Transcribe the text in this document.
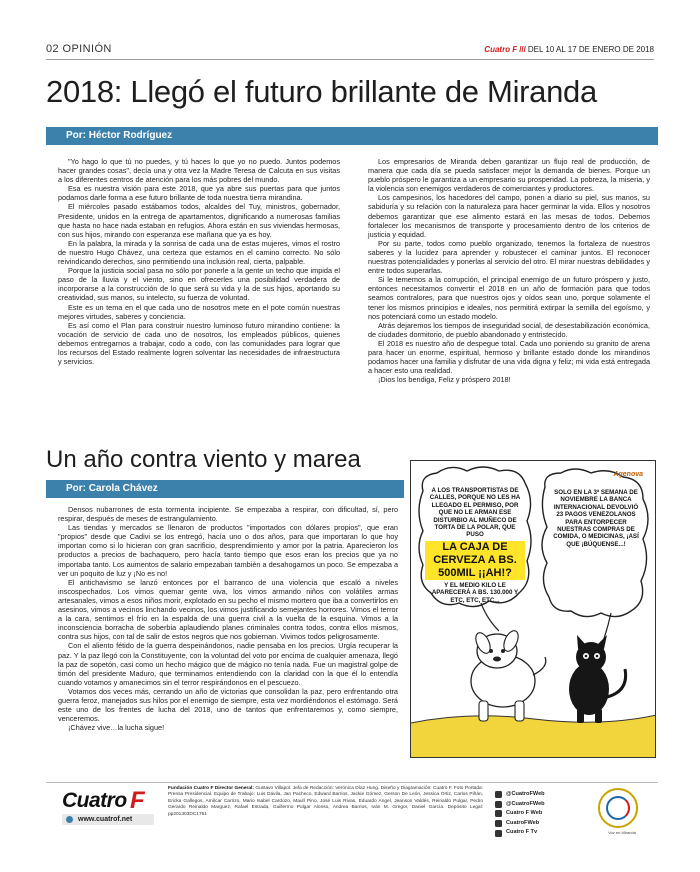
02 OPINIÓN	Cuatro F /// DEL 10 AL 17 DE ENERO DE 2018
2018: Llegó el futuro brillante de Miranda
Por: Héctor Rodríguez

"Yo hago lo que tú no puedes, y tú haces lo que yo no puedo. Juntos podemos hacer grandes cosas", decía una y otra vez la Madre Teresa de Calcuta en sus visitas a los diferentes centros de atención para los más pobres del mundo.

Esa es nuestra visión para este 2018, que ya abre sus puertas para que juntos podamos darle forma a ese futuro brillante de toda nuestra tierra mirandina.

El miércoles pasado estábamos todos, alcaldes del Tuy, ministros, gobernador, Presidente, unidos en la entrega de apartamentos, dignificando a numerosas familias que hasta no hace nada estaban en refugios. Ahora están en sus viviendas hermosas, con sus hijos, mirando con esperanza ese mañana que ya es hoy.

En la palabra, la mirada y la sonrisa de cada una de estas mujeres, vimos el rostro de nuestro Hugo Chávez, una certeza que estamos en el camino correcto. No sólo reivindicando derechos, sino permitiendo una inclusión real, cierta, palpable.

Porque la justicia social pasa no sólo por ponerle a la gente un techo que impida el paso de la lluvia y el viento, sino en ofrecerles una posibilidad verdadera de incorporarse a la construcción de lo que será su vida y la de sus hijos, aportando su creatividad, sus manos, su intelecto, su fuerza de voluntad.

Este es un tema en el que cada uno de nosotros mete en el pote común nuestras mejores virtudes, saberes y conciencia.

Es así como el Plan para construir nuestro luminoso futuro mirandino contiene: la vocación de servicio de cada uno de nosotros, los empleados públicos, quienes debemos entregarnos a trabajar, codo a codo, con las comunidades para lograr que los recursos del Estado realmente logren solventar las necesidades de infraestructura y servicios.

Los empresarios de Miranda deben garantizar un flujo real de producción, de manera que cada día se pueda satisfacer mejor la demanda de bienes. Porque un pueblo próspero le garantiza a un empresario su prosperidad. La pobreza, la miseria, y la violencia son enemigos verdaderos de comerciantes y productores.

Los campesinos, los hacedores del campo, ponen a diario su piel, sus manos, su sabiduría y su relación con la naturaleza para hacer germinar la vida. Ellos y nosotros debemos garantizar que ese alimento estará en las mesas de todos. Debemos fortalecer los mecanismos de transporte y procesamiento dentro de los criterios de justicia y equidad.

Por su parte, todos como pueblo organizado, tenemos la fortaleza de nuestros saberes y la lucidez para aprender y robustecer el caminar juntos. El reconocer nuestras potencialidades y ponerlas al servicio del otro. El mirar nuestras debilidades y entre todos superarlas.

Si le tememos a la corrupción, el principal enemigo de un futuro próspero y justo, entonces necesitamos convertir el 2018 en un año de formación para que todos seamos contralores, para que nuestros ojos y oídos sean uno, porque solamente el tener los mismos principios e ideales, nos permitirá extirpar la semilla del egoísmo, y nos potenciará como un estado modelo.

Atrás dejaremos los tiempos de inseguridad social, de desestabilización económica, de ciudades dormitorio, de pueblo abandonado y entristecido.

El 2018 es nuestro año de despegue total. Cada uno poniendo su granito de arena para hacer un enorme, espiritual, hermoso y brillante estado donde los mirandinos podamos hacer una familia y disfrutar de una vida digna y feliz; mi vida está entregada a hacer esto una realidad.

¡Dios los bendiga, Feliz y próspero 2018!

Un año contra viento y marea
Por: Carola Chávez

Densos nubarrones de esta tormenta incipiente. Se empezaba a respirar, con dificultad, sí, pero respirar, después de meses de estrangulamiento.

Las tiendas y mercados se llenaron de productos "importados con dólares propios", que eran "propios" desde que Cadivi se los entregó, hacía uno o dos años, para que importaran lo que hoy importan como si lo hicieran con gran sacrificio, desprendimiento y amor por la patria. Aparecieron los productos a precios de bachaquero, pero hacía tanto tiempo que esos eran los precios que ya no importaba tanto. Los aumentos de salario empezaban también a desahogarnos un poco. Se empezaba a ver un poquito de luz y ¡No es no!

El antichavismo se lanzó entonces por el barranco de una violencia que escaló a niveles inscospechados. Los vimos quemar gente viva, los vimos armando niños con volátiles armas artesanales, vimos a esos niños morir, explotado en su pecho el mismo mortero que iba a convertirlos en asesinos, vimos a vecinos linchando vecinos, los vimos justificando semejantes horrores. Vimos el terror a la cara, sentimos el frío en la espalda de una guerra civil a la vuelta de la esquina. Vimos a la inconsciencia borracha de soberbia aplaudiendo planes criminales contra todos, contra ellos mismos, contra sus hijos, con tal de salir de estos negros que nos gobiernan. Vivimos todos peligrosamente.

Con el aliento fétido de la guerra despeinándonos, nadie pensaba en los precios. Urgía recuperar la paz. Y la paz llegó con la Constituyente, con la voluntad del voto por encima de cualquier amenaza, llegó la paz de sopetón, casi como un hecho mágico que de mágico no tenía nada. Fue un magistral golpe de timón del presidente Maduro, que terminamos entendiendo con la claridad con la que él lo entendía cuando votamos y amanecimos sin el terror respirándonos en el pescuezo.

Votamos dos veces más, cerrando un año de victorias que consolidan la paz, pero enfrentando otra guerra feroz, manejados sus hilos por el enemigo de siempre, esta vez mordiéndonos el estómago. Será este uno de los frentes de lucha del 2018, uno de tantos que enfrentaremos y, como siempre, venceremos.

¡Chávez vive…la lucha sigue!

Agenova
A LOS TRANSPORTISTAS DE CALLES, PORQUE NO LES HA LLEGADO EL PERMISO, POR QUE NO LE ARMAN ESE DISTURBIO AL MUÑECO DE TORTA DE LA POLAR, QUE PUSO
LA CAJA DE CERVEZA A BS. 500MIL ¡¡AH!?
Y EL MEDIO KILO LE APARECERÁ A BS. 130.000 Y ETC, ETC, ETC...
SOLO EN LA 3ª SEMANA DE NOVIEMBRE LA BANCA INTERNACIONAL DEVOLVIÓ 23 PAGOS VENEZOLANOS PARA ENTORPECER NUESTRAS COMPRAS DE COMIDA, O MEDICINAS, ¡ASÍ QUE ¡BÚQUENSE...!
Cuatro F
www.cuatrof.net
Fundación Cuatro F Director General: Gustavo Villapol. Jefa de Redacción: Verónica Díaz Hung. Diseño y Diagramación: Cuatro F. Foto Portada: Prensa Presidencial. Equipo de Trabajo: Luis Dávila, Jan Pacheco, Edward Barrios, Jackie Gómez, Gerson De León, Jessica Ortiz, Carlos Piñán, Ericka Gallegos, Amílcar Carrizo, Mario Isabel Cardozo, Maulí Pino, José Luis Rivas, Eduardo Angel, Jeanson Valdés, Reinaldo Pulgar, Pedro Gerardo Reinaldo Marguez, Rafael Estrada, Guillermo Pulgar Alonso, Andrea Barrios, Iván M. Gregor, Daniel García. Depósito Legal: pp201403DC1761
@CuatroFWeb
@CuatroFWeb
Cuatro F Web
CuatroFWeb
Cuatro F Tv	Voz en Miranda
